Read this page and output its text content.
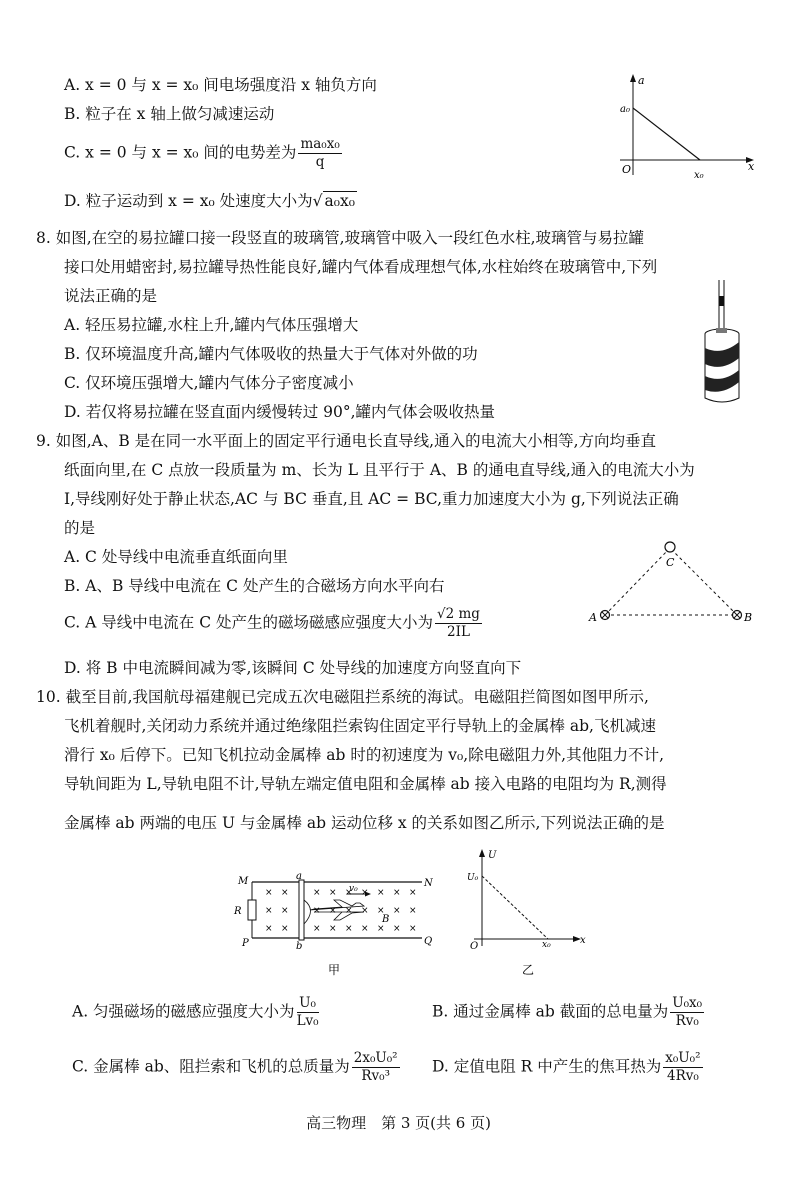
A. x = 0 与 x = x₀ 间电场强度沿 x 轴负方向
B. 粒子在 x 轴上做匀减速运动
C. x = 0 与 x = x₀ 间的电势差为 $\frac{\text{ma₀x₀}}{q}$
D. 粒子运动到 x = x₀ 处速度大小为√ a₀x₀
a
a₀
x
O	x₀
8. 如图,在空的易拉罐口接一段竖直的玻璃管,玻璃管中吸入一段红色水柱,玻璃管与易拉罐
接口处用蜡密封,易拉罐导热性能良好,罐内气体看成理想气体,水柱始终在玻璃管中,下列
说法正确的是
A. 轻压易拉罐,水柱上升,罐内气体压强增大
B. 仅环境温度升高,罐内气体吸收的热量大于气体对外做的功
C. 仅环境压强增大,罐内气体分子密度减小
D. 若仅将易拉罐在竖直面内缓慢转过 90°,罐内气体会吸收热量
9. 如图,A、B 是在同一水平面上的固定平行通电长直导线,通入的电流大小相等,方向均垂直
纸面向里,在 C 点放一段质量为 m、长为 L 且平行于 A、B 的通电直导线,通入的电流大小为
I,导线刚好处于静止状态,AC 与 BC 垂直,且 AC = BC,重力加速度大小为 g,下列说法正确
的是
A. C 处导线中电流垂直纸面向里
B. A、B 导线中电流在 C 处产生的合磁场方向水平向右
C. A 导线中电流在 C 处产生的磁场磁感应强度大小为 $\frac{√2 mg}{2IL}$
D. 将 B 中电流瞬间减为零,该瞬间 C 处导线的加速度方向竖直向下
C
A	B
10. 截至目前,我国航母福建舰已完成五次电磁阻拦系统的海试。电磁阻拦简图如图甲所示,
飞机着舰时,关闭动力系统并通过绝缘阻拦索钩住固定平行导轨上的金属棒 ab,飞机减速
滑行 x₀ 后停下。已知飞机拉动金属棒 ab 时的初速度为 v₀,除电磁阻力外,其他阻力不计,
导轨间距为 L,导轨电阻不计,导轨左端定值电阻和金属棒 ab 接入电路的电阻均为 R,测得
金属棒 ab 两端的电压 U 与金属棒 ab 运动位移 x 的关系如图乙所示,下列说法正确的是
× ×	× × × × × × ×
× ×	× × × × × × ×
× ×	× × × × × × ×
M	N
P	Q
R
a
b
B
v₀
甲
U
U₀
O	x₀	x
乙
A. 匀强磁场的磁感应强度大小为 $\frac{\text{U₀}}{\text{Lv₀}}$	B. 通过金属棒 ab 截面的总电量为 $\frac{\text{U₀x₀}}{\text{Rv₀}}$
C. 金属棒 ab、阻拦索和飞机的总质量为 $\frac{\text{2x₀U₀²}}{\text{Rv₀³}} D$. 定值电阻 R 中产生的焦耳热为 $\frac{\text{x₀U₀²}}{\text{4Rv₀}}$
高三物理　第 3 页(共 6 页)
